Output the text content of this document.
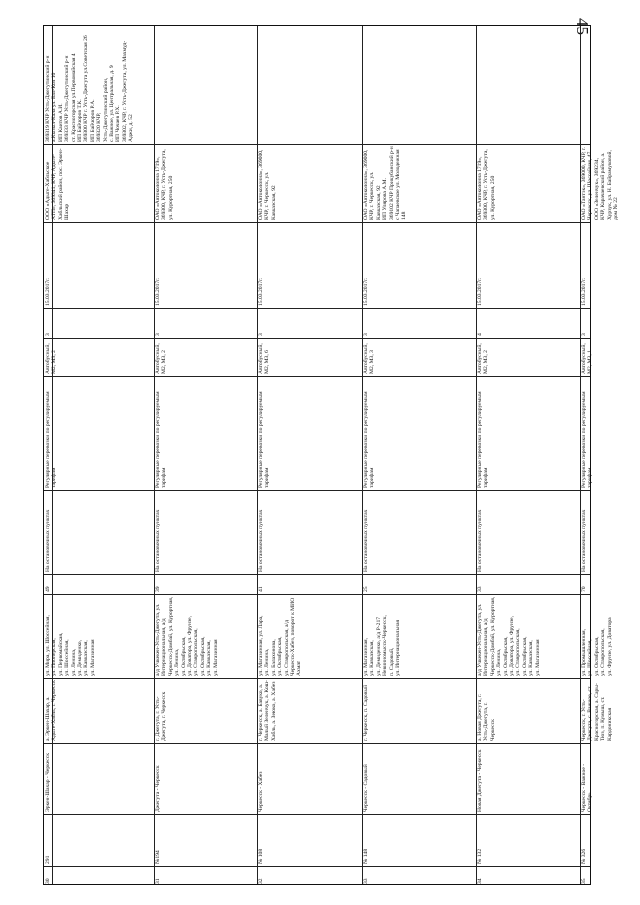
45
30
291
Эркен-Шахар - Черкесск
а. Эркен-Шахар, а. Адыге-Хабль, г. Черкесск
ул. Мира, ул. Шоссейная,
ул. Пионерская,
ул. Первомайская,
ул. Шоссейная,
ул. Ленина,
ул. Демиденко,
ул. Кавказская,
ул. Магазинная
49
На остановочных пунктах
Регулярные перевозки по регулируемым тарифам
Автобусный, М2, М3, 2
3
15.03.2017г.
ООО «Адыге-Хабльское АТП», 369341, КЧР, Адыге-Хабльский район, пос. Эркен-Шахар
369319 КЧР Усть-Джегутинский р-н
а.Кызыл-Кала ул. Бал-Кол 10
ИП Каитов А.И.
369333 КЧР Усть-Джегутинский р-н
ст. Красногорская ул.Первомайская 4
ИП Байчоров Т.К.
369300 КЧР г. Усть-Джегута ул.Советская 26
ИП Байчоров Р.А.
369320 КЧР,
Усть-Джегутинский район,
с. Важное, ул. Центральная, д. 9
ИП Чочаев Р.Х.
369302, КЧР, г. Усть-Джегута, ул. Махмуд-Аджи, д. 52
31
№194
Джегута - Черкесск
г. Джегута, г. Усть-Джегута, г. Черкесск
а/д Учкекен-Усть-Джегута, ул. Интернациональная, а/д Черкесск-Домбай, ул. Курортная,
ул. Ленина,
ул. Октябрьская,
ул. Доватора, ул. Фрунзе,
ул. Ставропольская,
ул. Октябрьская,
ул. Кавказская,
ул. Магазинная
39
На остановочных пунктах
Регулярные перевозки по регулируемым тарифам
Автобусный, М2, М3, 2
3
15.03.2017г.
ОАО «Автоколонна 1719», 369300, КЧР, г. Усть-Джегута, ул. Курортная, 250
32
№ 108
Черкесск - Хабез
г. Черкесск, а. Бавуко, а. Малый Зеленчук, а. Кош-Хабль, а. Зеюко, а. Хабез
ул. Магазинная, ул. Лара,
ул. Ленина,
ул. Балахонова,
ул. Октябрьская,
ул. Ставропольская, а/д Черкесск-Хабез, поворот к МИО Ахмат
41
На остановочных пунктах
Регулярные перевозки по регулируемым тарифам
Автобусный, М2, М3, 6
3
15.03.2017г.
ОАО «Автоколонна», 369000, КЧР, г. Черкесск, ул. Кавказская, 92
33
№ 148
Черкесск - Садовый
г. Черкесск, п. Садовый
ул. Магазинная,
ул. Кавказская,
ул. Демиденко, а/д Р-217 Невинномысск-Черкесск,
п. Садовый,
ул. Интернациональная
25
На остановочных пунктах
Регулярные перевозки по регулируемым тарифам
Автобусный, М2, М3, 3
3
15.03.2017г.
ОАО «Автоколонна», 369000, КЧР, г. Черкесск, ул. Кавказская, 92
ИП Улярова А.М.
369102 КЧР Прикубанский р-н с Чапаевское ул. Молодежная 148
34
№ 132
Новая Джегута - Черкесск
а. Новая Джегута, г. Усть-Джегута, г. Черкесск
а/д Учкекен-Усть-Джегута, ул. Интернациональная, а/д Черкесск-Домбай, ул. Курортная,
ул. Ленина,
ул. Октябрьская,
ул. Доватора, ул. Фрунзе,
ул. Ставропольская,
ул. Октябрьская,
ул. Кавказская,
ул. Магазинная
33
На остановочных пунктах
Регулярные перевозки по регулируемым тарифам
Автобусный, М2, М3, 2
4
15.03.2017г.
ОАО «Автоколонна 1719», 369300, КЧР, г. Усть-Джегута, ул. Курортная, 250
35
№ 326
Черкесск - Важное - Октябрь
Черкесск, г. Усть-Джегута, с. Важное, ст. Красногорская, а. Сары-Тюз, п. Кумыш, ст. Кардоникская
ул. Промышленная,
ул. Шоссейная,
ул. Октябрьская,
ул. Ставропольская,
ул. Фрунзе, ул. Доватора
70
На остановочных пунктах
Регулярные перевозки по регулируемым тарифам
Автобусный, М2, М3, 1
3
15.03.2017г.
ОАО «Тантэк», 369000, КЧР, г. Черкесск, ул. Шоссейная, 47
ООО «Зеленчук», 369234, КЧР, Карачаевский район, а. Хурзук, ул. Н. Байрамуковой, дом № 22
